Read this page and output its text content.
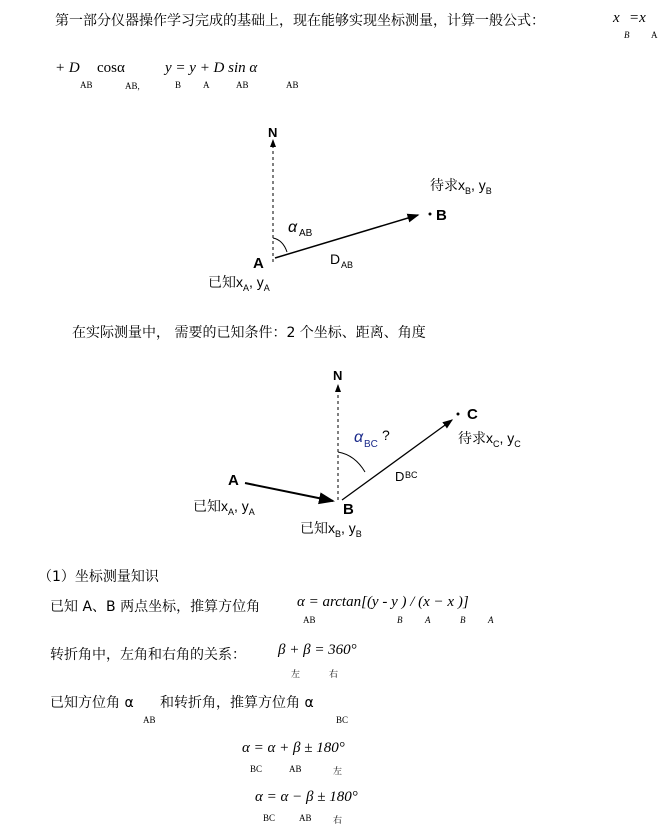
第一部分仪器操作学习完成的基础上，现在能够实现坐标测量，计算一般公式：	x
B
=x
A
+ D
AB
cosα
AB,
y = y + D sin α
B A	AB	AB
N
A
B
α AB
D AB
已知$x_A$, $y_A$
待求$x_B$, $y_B$
N
A
B
C
α BC
?
D BC
已知$x_A$, $y_A$
已知$x_B$, $y_B$
待求$x_C$, $y_C$
在实际测量中， 需要的已知条件：2 个坐标、距离、角度
（1）坐标测量知识
已知 A、B 两点坐标，推算方位角 α = arctan[(y - y ) / (x − x )]
AB	B	A	B	A
转折角中，左角和右角的关系： β + β = 360°
左	右
已知方位角 α
AB
和转折角，推算方位角 α
BC
α = α + β ± 180°
BC	AB	左
α = α − β ± 180°
BC	AB 右
